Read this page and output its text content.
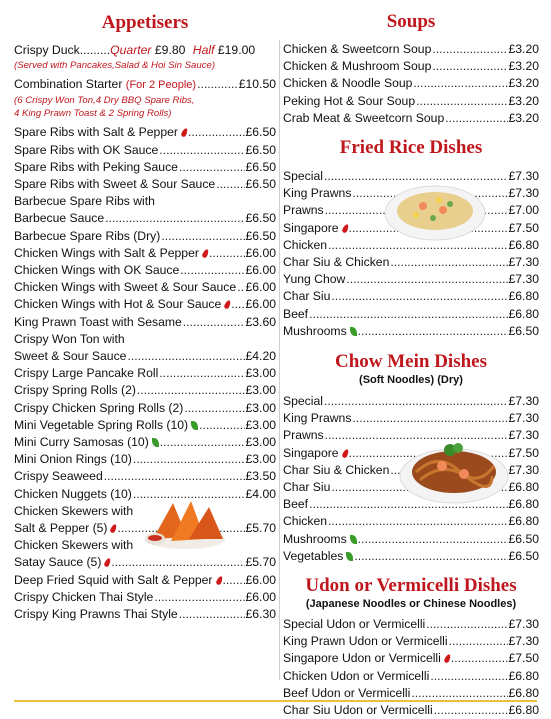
Appetisers
Crispy Duck.........Quarter £9.80 Half £19.00
(Served with Pancakes,Salad & Hoi Sin Sauce)
Combination Starter (For 2 People) .....	£10.50
(6 Crispy Won Ton,4 Dry BBQ Spare Ribs,
4 King Prawn Toast & 2 Spring Rolls)
Spare Ribs with Salt & Pepper .....	£6.50
Spare Ribs with OK Sauce .....	£6.50
Spare Ribs with Peking Sauce .....	£6.50
Spare Ribs with Sweet & Sour Sauce ..... £6.50
Barbecue Spare Ribs with
Barbecue Sauce .....	£6.50
Barbecue Spare Ribs (Dry) .....	£6.50
Chicken Wings with Salt & Pepper .....	£6.00
Chicken Wings with OK Sauce .....	£6.00
Chicken Wings with Sweet & Sour Sauce ..... £6.00
Chicken Wings with Hot & Sour Sauce .....	£6.00
King Prawn Toast with Sesame .....	£3.60
Crispy Won Ton with
Sweet & Sour Sauce .....	£4.20
Crispy Large Pancake Roll .....	£3.00
Crispy Spring Rolls (2) .....	£3.00
Crispy Chicken Spring Rolls (2) .....	£3.00
Mini Vegetable Spring Rolls (10) .....	£3.00
Mini Curry Samosas (10) .....	£3.00
Mini Onion Rings (10) .....	£3.00
Crispy Seaweed .....	£3.50
Chicken Nuggets (10) .....	£4.00
Chicken Skewers with
Salt & Pepper (5) .....	£5.70
Chicken Skewers with
Satay Sauce (5) .....	£5.70
Deep Fried Squid with Salt & Pepper .....	£6.00
Crispy Chicken Thai Style .....	£6.00
Crispy King Prawns Thai Style .....	£6.30
Soups
Chicken & Sweetcorn Soup .....	£3.20
Chicken & Mushroom Soup .....	£3.20
Chicken & Noodle Soup .....	£3.20
Peking Hot & Sour Soup .....	£3.20
Crab Meat & Sweetcorn Soup .....	£3.20
Fried Rice Dishes
Special .....	£7.30
King Prawns .....	£7.30
Prawns .....	£7.00
Singapore .....	£7.50
Chicken .....	£6.80
Char Siu & Chicken .....	£7.30
Yung Chow .....	£7.30
Char Siu .....	£6.80
Beef .....	£6.80
Mushrooms .....	£6.50
Chow Mein Dishes
(Soft Noodles) (Dry)
Special .....	£7.30
King Prawns .....	£7.30
Prawns .....	£7.30
Singapore .....	£7.50
Char Siu & Chicken .....	£7.30
Char Siu .....	£6.80
Beef .....	£6.80
Chicken .....	£6.80
Mushrooms .....	£6.50
Vegetables .....	£6.50
Udon or Vermicelli Dishes
(Japanese Noodles or Chinese Noodles)
Special Udon or Vermicelli .....	£7.30
King Prawn Udon or Vermicelli .....	£7.30
Singapore Udon or Vermicelli .....	£7.50
Chicken Udon or Vermicelli .....	£6.80
Beef Udon or Vermicelli .....	£6.80
Char Siu Udon or Vermicelli .....	£6.80
